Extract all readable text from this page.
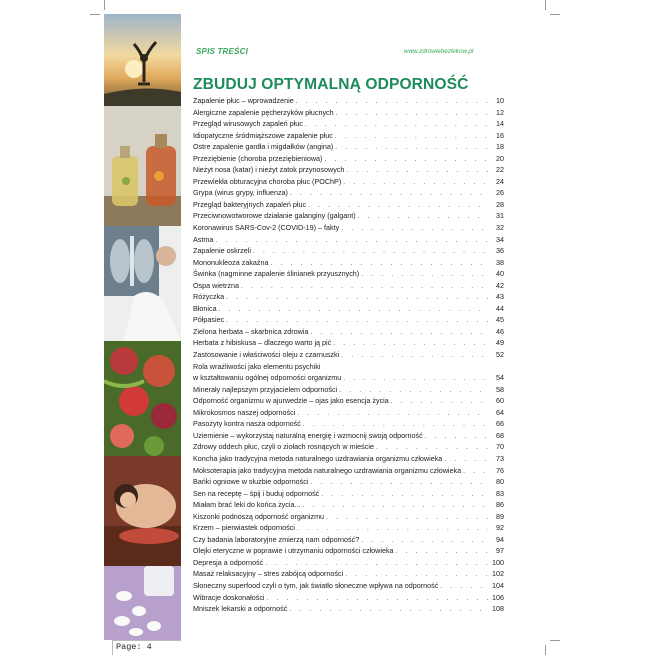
SPIS TREŚCI	www.zdrowiebezlekow.pl
ZBUDUJ OPTYMALNĄ ODPORNOŚĆ
Zapalenie płuc – wprowadzenie . . .	10
Alergiczne zapalenie pęcherzyków płucnych . . .	12
Przegląd wirusowych zapaleń płuc . . .	14
Idiopatyczne śródmiąższowe zapalenie płuc . . .	16
Ostre zapalenie gardła i migdałków (angina) . . .	18
Przeziębienie (choroba przeziębieniowa) . . .	20
Nieżyt nosa (katar) i nieżyt zatok przynosowych . . .	22
Przewlekła obturacyjna choroba płuc (POChP) . . .	24
Grypa (wirus grypy, influenza) . . .	26
Przegląd bakteryjnych zapaleń płuc . . .	28
Przeciwnowotworowe działanie galanginy (galgant) . . .	31
Koronawirus SARS-Cov-2 (COVID-19) – fakty . . .	32
Astma . . .	34
Zapalenie oskrzeli . . .	36
Mononukleoza zakaźna . . .	38
Świnka (nagminne zapalenie ślinianek przyusznych) . . .	40
Ospa wietrzna . . .	42
Różyczka . . .	43
Błonica . . .	44
Półpasiec . . .	45
Zielona herbata – skarbnica zdrowia . . .	46
Herbata z hibiskusa – dlaczego warto ją pić . . .	49
Zastosowanie i właściwości oleju z czarnuszki . . .	52
Rola wrażliwości jako elementu psychiki
w kształtowaniu ogólnej odporności organizmu . . .	54
Minerały najlepszym przyjacielem odporności . . .	58
Odporność organizmu w ajurwedzie – ojas jako esencja życia . . .	60
Mikrokosmos naszej odporności . . .	64
Pasożyty kontra nasza odporność . . .	66
Uziemienie – wykorzystaj naturalną energię i wzmocnij swoją odporność . . .	68
Zdrowy oddech płuc, czyli o ziołach rosnących w mieście . . .	70
Koncha jako tradycyjna metoda naturalnego uzdrawiania organizmu człowieka . . .	73
Moksoterapia jako tradycyjna metoda naturalnego uzdrawiania organizmu człowieka . . .	76
Bańki ogniowe w służbie odporności . . .	80
Sen na receptę – śpij i buduj odporność . . .	83
Miałam brać leki do końca życia... . . .	86
Kiszonki podnoszą odporność organizmu . . .	89
Krzem – pierwiastek odporności . . .	92
Czy badania laboratoryjne zmierzą nam odporność? . . .	94
Olejki eteryczne w poprawie i utrzymaniu odporności człowieka . . .	97
Depresja a odporność . . .	100
Masaż relaksacyjny – stres zabójcą odporności . . .	102
Słoneczny superfood czyli o tym, jak światło słoneczne wpływa na odporność . . .	104
Wibracje doskonałości . . .	106
Mniszek lekarski a odporność . . .	108
Page: 4
